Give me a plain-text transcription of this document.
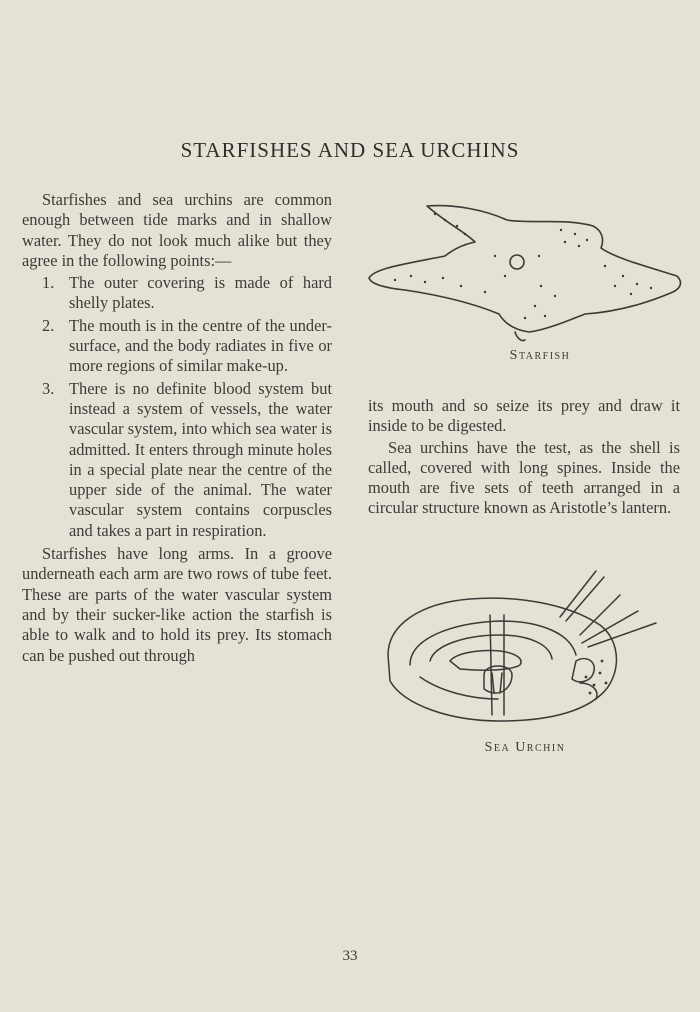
STARFISHES AND SEA URCHINS

Starfishes and sea urchins are common enough between tide marks and in shallow water. They do not look much alike but they agree in the following points:—

1. The outer covering is made of hard shelly plates.
2. The mouth is in the centre of the under-surface, and the body radiates in five or more regions of similar make-up.
3. There is no definite blood system but instead a system of vessels, the water vascular system, into which sea water is admitted. It enters through minute holes in a special plate near the centre of the upper side of the animal. The water vascular system contains corpuscles and takes a part in respiration.

Starfishes have long arms. In a groove underneath each arm are two rows of tube feet. These are parts of the water vascular system and by their sucker-like action the starfish is able to walk and to hold its prey. Its stomach can be pushed out through

Starfish

its mouth and so seize its prey and draw it inside to be digested.

Sea urchins have the test, as the shell is called, covered with long spines. Inside the mouth are five sets of teeth arranged in a circular structure known as Aristotle’s lantern.

Sea Urchin
33
